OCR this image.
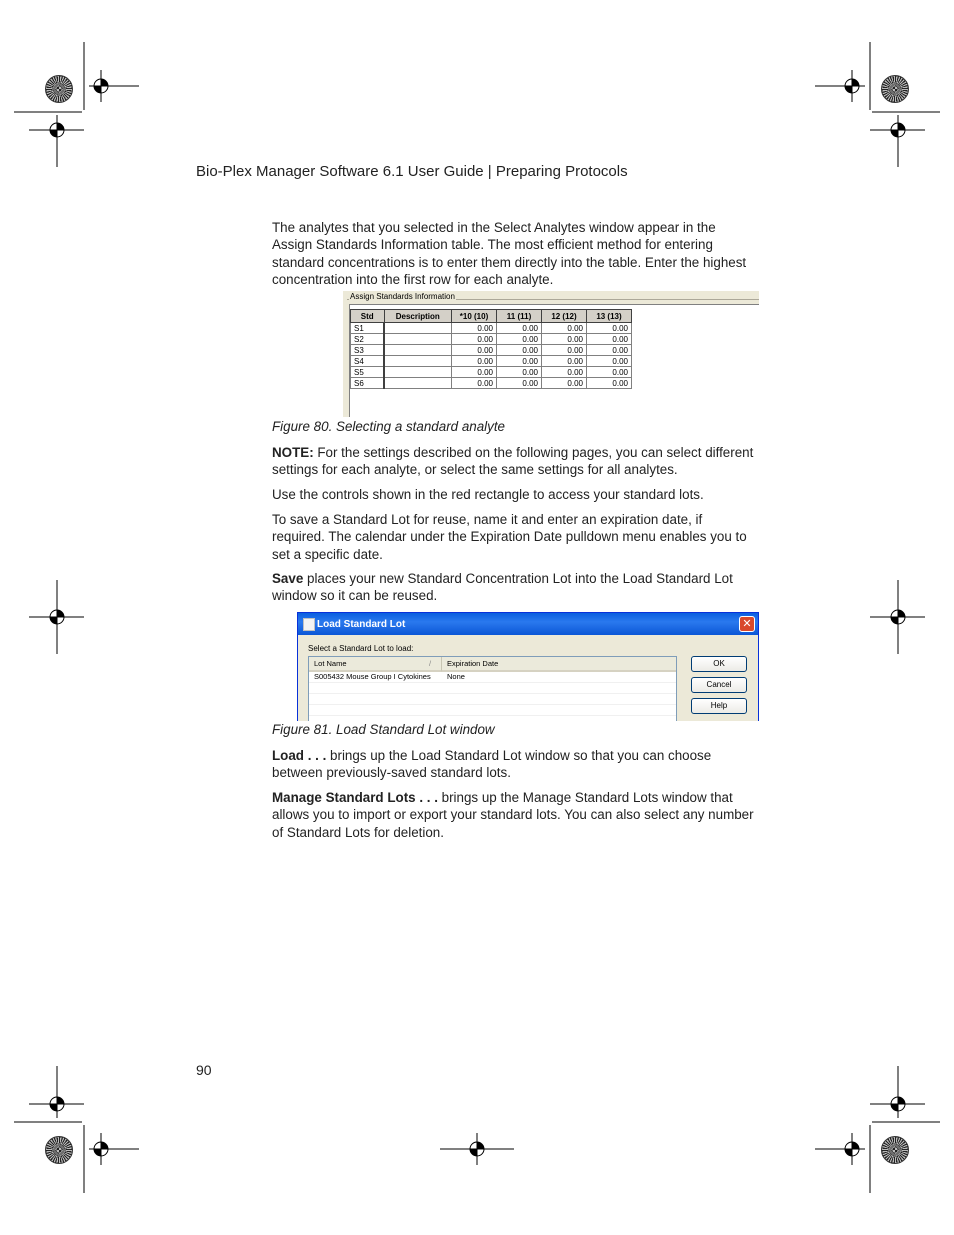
Bio-Plex Manager Software 6.1 User Guide | Preparing Protocols
The analytes that you selected in the Select Analytes window appear in the Assign Standards Information table. The most efficient method for entering standard concentrations is to enter them directly into the table. Enter the highest concentration into the first row for each analyte.
Assign Standards Information
Std	Description	*10 (10)	11 (11)	12 (12)	13 (13)
S1		0.00	0.00	0.00	0.00
S2		0.00	0.00	0.00	0.00
S3		0.00	0.00	0.00	0.00
S4		0.00	0.00	0.00	0.00
S5		0.00	0.00	0.00	0.00
S6		0.00	0.00	0.00	0.00
Figure 80. Selecting a standard analyte
NOTE: For the settings described on the following pages, you can select different settings for each analyte, or select the same settings for all analytes.
Use the controls shown in the red rectangle to access your standard lots.
To save a Standard Lot for reuse, name it and enter an expiration date, if required. The calendar under the Expiration Date pulldown menu enables you to set a specific date.
Save places your new Standard Concentration Lot into the Load Standard Lot window so it can be reused.
Load Standard Lot	✕
Select a Standard Lot to load:
Lot Name	/ Expiration Date
S005432 Mouse Group I Cytokines	None
OK
Cancel
Help
Figure 81. Load Standard Lot window
Load . . . brings up the Load Standard Lot window so that you can choose between previously-saved standard lots.
Manage Standard Lots . . . brings up the Manage Standard Lots window that allows you to import or export your standard lots. You can also select any number of Standard Lots for deletion.
90
